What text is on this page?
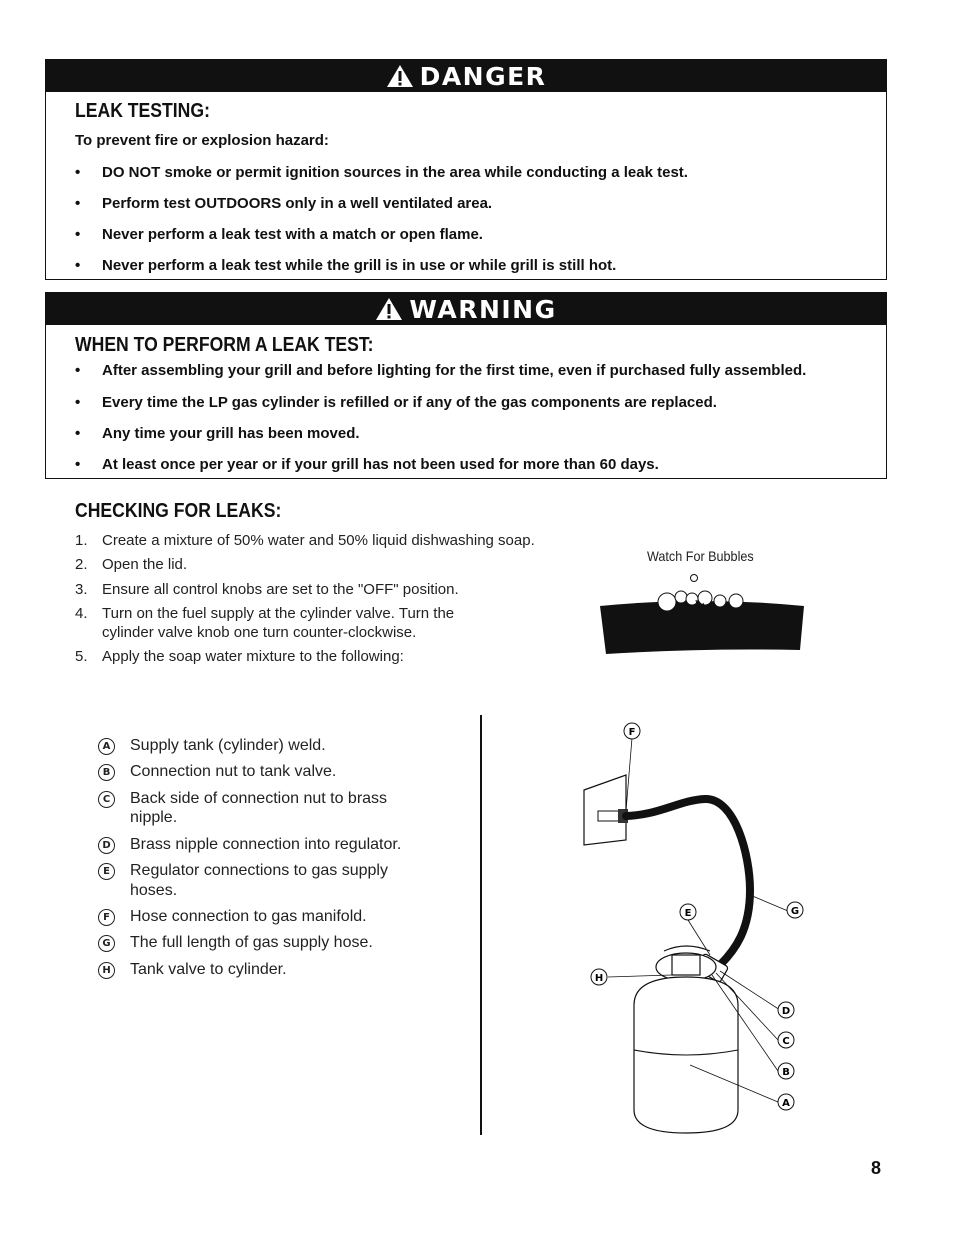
DANGER
LEAK TESTING:
To prevent fire or explosion hazard:
• DO NOT smoke or permit ignition sources in the area while conducting a leak test.
• Perform test OUTDOORS only in a well ventilated area.
• Never perform a leak test with a match or open flame.
• Never perform a leak test while the grill is in use or while grill is still hot.
WARNING
WHEN TO PERFORM A LEAK TEST:
• After assembling your grill and before lighting for the first time, even if purchased fully assembled.
• Every time the LP gas cylinder is refilled or if any of the gas components are replaced.
• Any time your grill has been moved.
• At least once per year or if your grill has not been used for more than 60 days.
CHECKING FOR LEAKS:
1. Create a mixture of 50% water and 50% liquid dishwashing soap.
2. Open the lid.
3. Ensure all control knobs are set to the "OFF" position.
4. Turn on the fuel supply at the cylinder valve. Turn the
cylinder valve knob one turn counter-clockwise.
5. Apply the soap water mixture to the following:
Watch For Bubbles
A Supply tank (cylinder) weld.
B Connection nut to tank valve.
C	Back side of connection nut to brass
nipple.
D Brass nipple connection into regulator.
E	Regulator connections to gas supply
hoses.
F	Hose connection to gas manifold.
G The full length of gas supply hose.
H Tank valve to cylinder.
F
E	G
H
D
C
B
A
8
